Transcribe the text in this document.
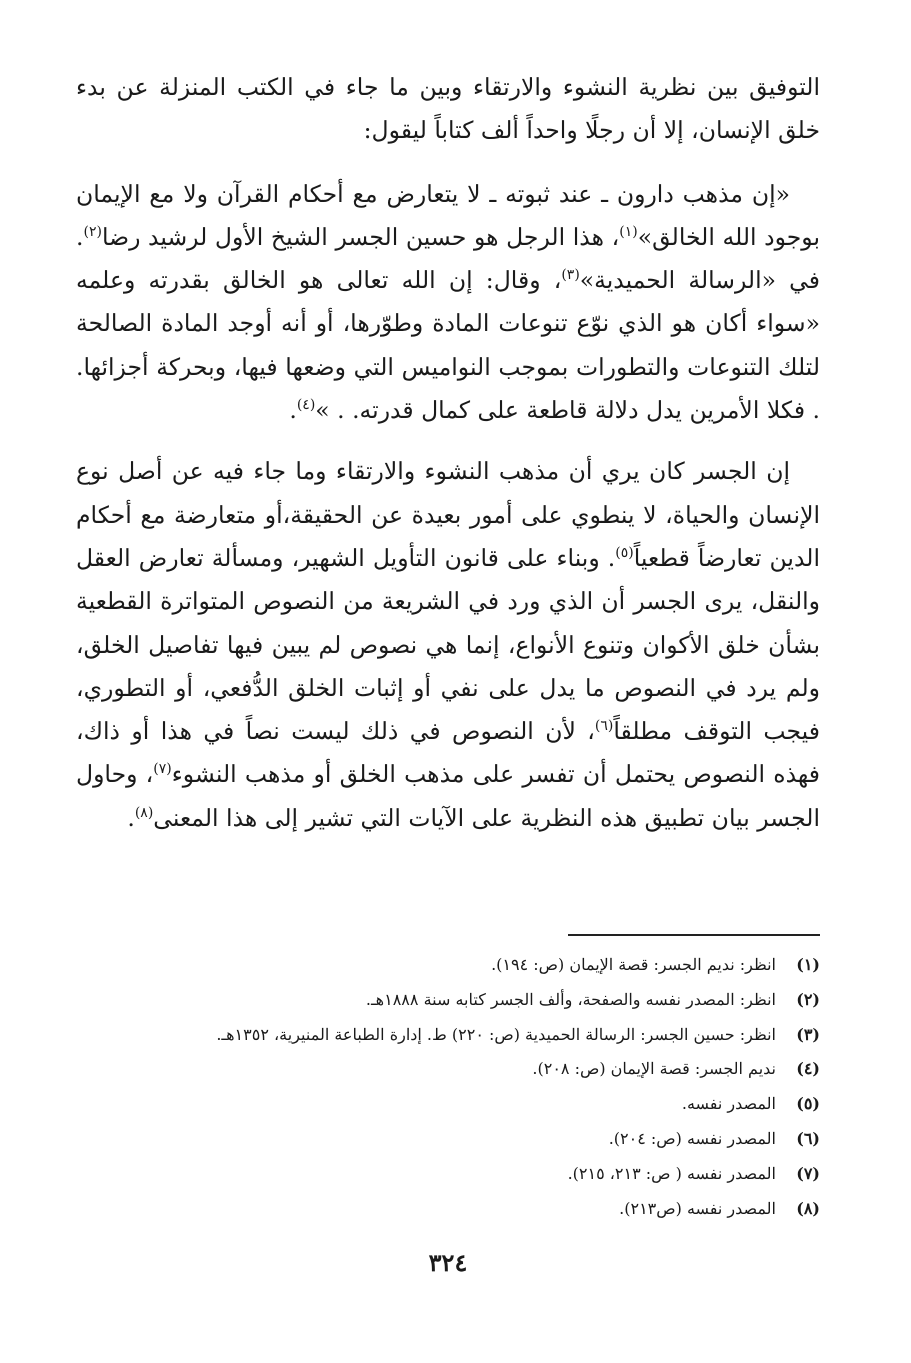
التوفيق بين نظرية النشوء والارتقاء وبين ما جاء في الكتب المنزلة عن بدء خلق الإنسان، إلا أن رجلًا واحداً ألف كتاباً ليقول:

«إن مذهب دارون ـ عند ثبوته ـ لا يتعارض مع أحكام القرآن ولا مع الإيمان بوجود الله الخالق»$^{(١)}$، هذا الرجل هو حسين الجسر الشيخ الأول لرشيد رضا$^{(٢)}$. في «الرسالة الحميدية»$^{(٣)}$، وقال: إن الله تعالى هو الخالق بقدرته وعلمه «سواء أكان هو الذي نوّع تنوعات المادة وطوّرها، أو أنه أوجد المادة الصالحة لتلك التنوعات والتطورات بموجب النواميس التي وضعها فيها، وبحركة أجزائها. . فكلا الأمرين يدل دلالة قاطعة على كمال قدرته. . »$^{(٤)}$.

إن الجسر كان يري أن مذهب النشوء والارتقاء وما جاء فيه عن أصل نوع الإنسان والحياة، لا ينطوي على أمور بعيدة عن الحقيقة،أو متعارضة مع أحكام الدين تعارضاً قطعياً$^{(٥)}$. وبناء على قانون التأويل الشهير، ومسألة تعارض العقل والنقل، يرى الجسر أن الذي ورد في الشريعة من النصوص المتواترة القطعية بشأن خلق الأكوان وتنوع الأنواع، إنما هي نصوص لم يبين فيها تفاصيل الخلق، ولم يرد في النصوص ما يدل على نفي أو إثبات الخلق الدُّفعي، أو التطوري، فيجب التوقف مطلقاً$^{(٦)}$، لأن النصوص في ذلك ليست نصاً في هذا أو ذاك، فهذه النصوص يحتمل أن تفسر على مذهب الخلق أو مذهب النشوء$^{(٧)}$، وحاول الجسر بيان تطبيق هذه النظرية على الآيات التي تشير إلى هذا المعنى$^{(٨)}$.

(١)انظر: نديم الجسر: قصة الإيمان (ص: ١٩٤).
(٢)انظر: المصدر نفسه والصفحة، وألف الجسر كتابه سنة ١٨٨٨هـ.
(٣)انظر: حسين الجسر: الرسالة الحميدية (ص: ٢٢٠) ط. إدارة الطباعة المنيرية، ١٣٥٢هـ.
(٤)نديم الجسر: قصة الإيمان (ص: ٢٠٨).
(٥)المصدر نفسه.
(٦)المصدر نفسه (ص: ٢٠٤).
(٧)المصدر نفسه ( ص: ٢١٣، ٢١٥).
(٨)المصدر نفسه (ص٢١٣).
٣٢٤
